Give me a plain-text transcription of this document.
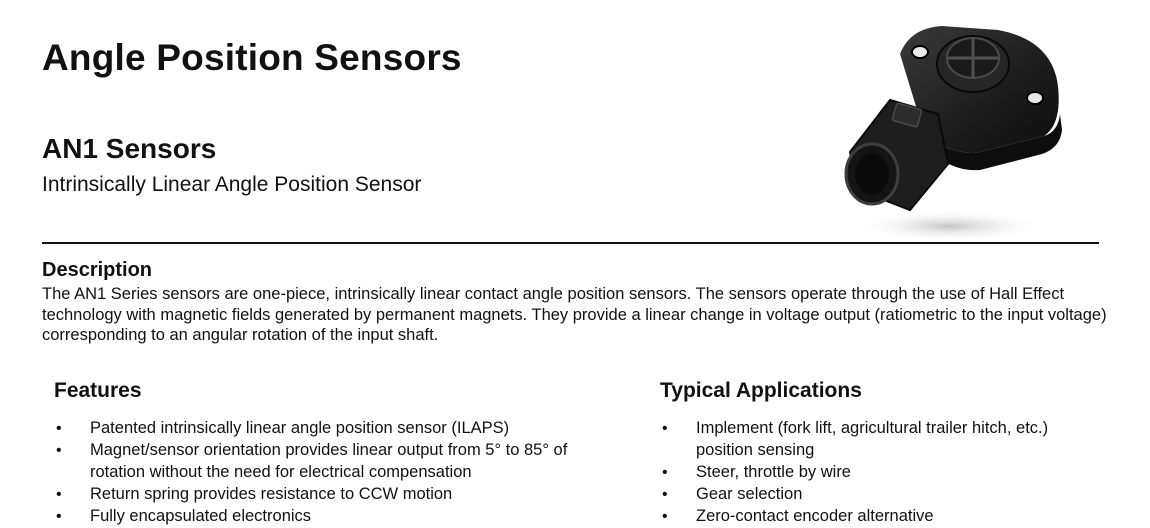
Angle Position Sensors
AN1 Sensors

Intrinsically Linear Angle Position Sensor

Description

The AN1 Series sensors are one-piece, intrinsically linear contact angle position sensors. The sensors operate through the use of Hall Effect technology with magnetic fields generated by permanent magnets. They provide a linear change in voltage output (ratiometric to the input voltage) corresponding to an angular rotation of the input shaft.

Features
• Patented intrinsically linear angle position sensor (ILAPS)
• Magnet/sensor orientation provides linear output from 5° to 85° of rotation without the need for electrical compensation
• Return spring provides resistance to CCW motion
• Fully encapsulated electronics
Typical Applications
• Implement (fork lift, agricultural trailer hitch, etc.) position sensing
• Steer, throttle by wire
• Gear selection
• Zero-contact encoder alternative
